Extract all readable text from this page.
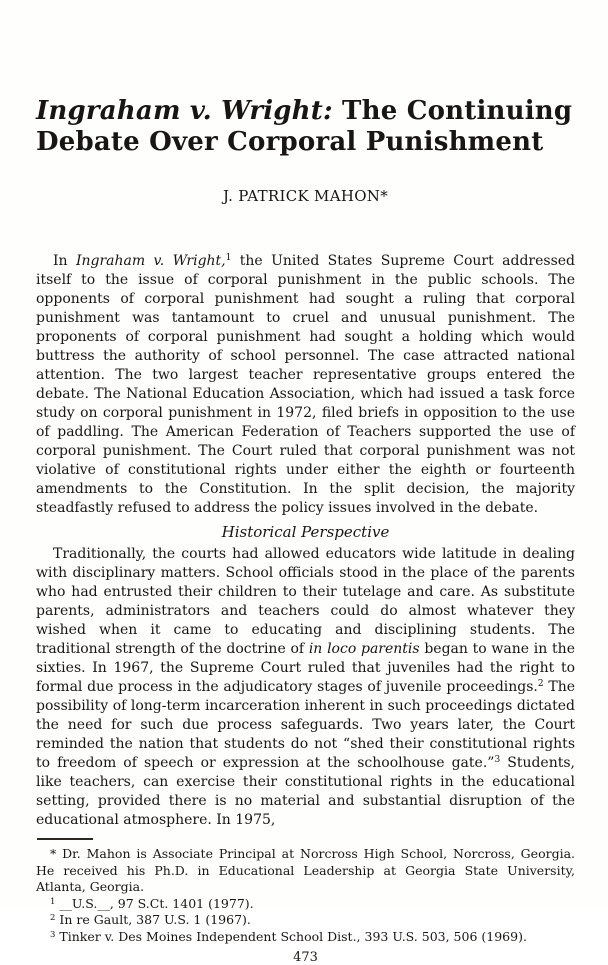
Ingraham v. Wright: The Continuing
Debate Over Corporal Punishment
J. PATRICK MAHON*

In Ingraham v. Wright,$^1$ the United States Supreme Court addressed itself to the issue of corporal punishment in the public schools. The opponents of corporal punishment had sought a ruling that corporal punishment was tantamount to cruel and unusual punishment. The proponents of corporal punishment had sought a holding which would buttress the authority of school personnel. The case attracted national attention. The two largest teacher representative groups entered the debate. The National Education Association, which had issued a task force study on corporal punishment in 1972, filed briefs in opposition to the use of paddling. The American Federation of Teachers supported the use of corporal punishment. The Court ruled that corporal punishment was not violative of constitutional rights under either the eighth or fourteenth amendments to the Constitution. In the split decision, the majority steadfastly refused to address the policy issues involved in the debate.

Historical Perspective

Traditionally, the courts had allowed educators wide latitude in dealing with disciplinary matters. School officials stood in the place of the parents who had entrusted their children to their tutelage and care. As substitute parents, administrators and teachers could do almost whatever they wished when it came to educating and disciplining students. The traditional strength of the doctrine of in loco parentis began to wane in the sixties. In 1967, the Supreme Court ruled that juveniles had the right to formal due process in the adjudicatory stages of juvenile proceedings.$^2$ The possibility of long-term incarceration inherent in such proceedings dictated the need for such due process safeguards. Two years later, the Court reminded the nation that students do not “shed their constitutional rights to freedom of speech or expression at the schoolhouse gate.”$^3$ Students, like teachers, can exercise their constitutional rights in the educational setting, provided there is no material and substantial disruption of the educational atmosphere. In 1975,

* Dr. Mahon is Associate Principal at Norcross High School, Norcross, Georgia. He received his Ph.D. in Educational Leadership at Georgia State University, Atlanta, Georgia.

$^1$ __U.S.__, 97 S.Ct. 1401 (1977).

$^2$ In re Gault, 387 U.S. 1 (1967).

$^3$ Tinker v. Des Moines Independent School Dist., 393 U.S. 503, 506 (1969).

473
